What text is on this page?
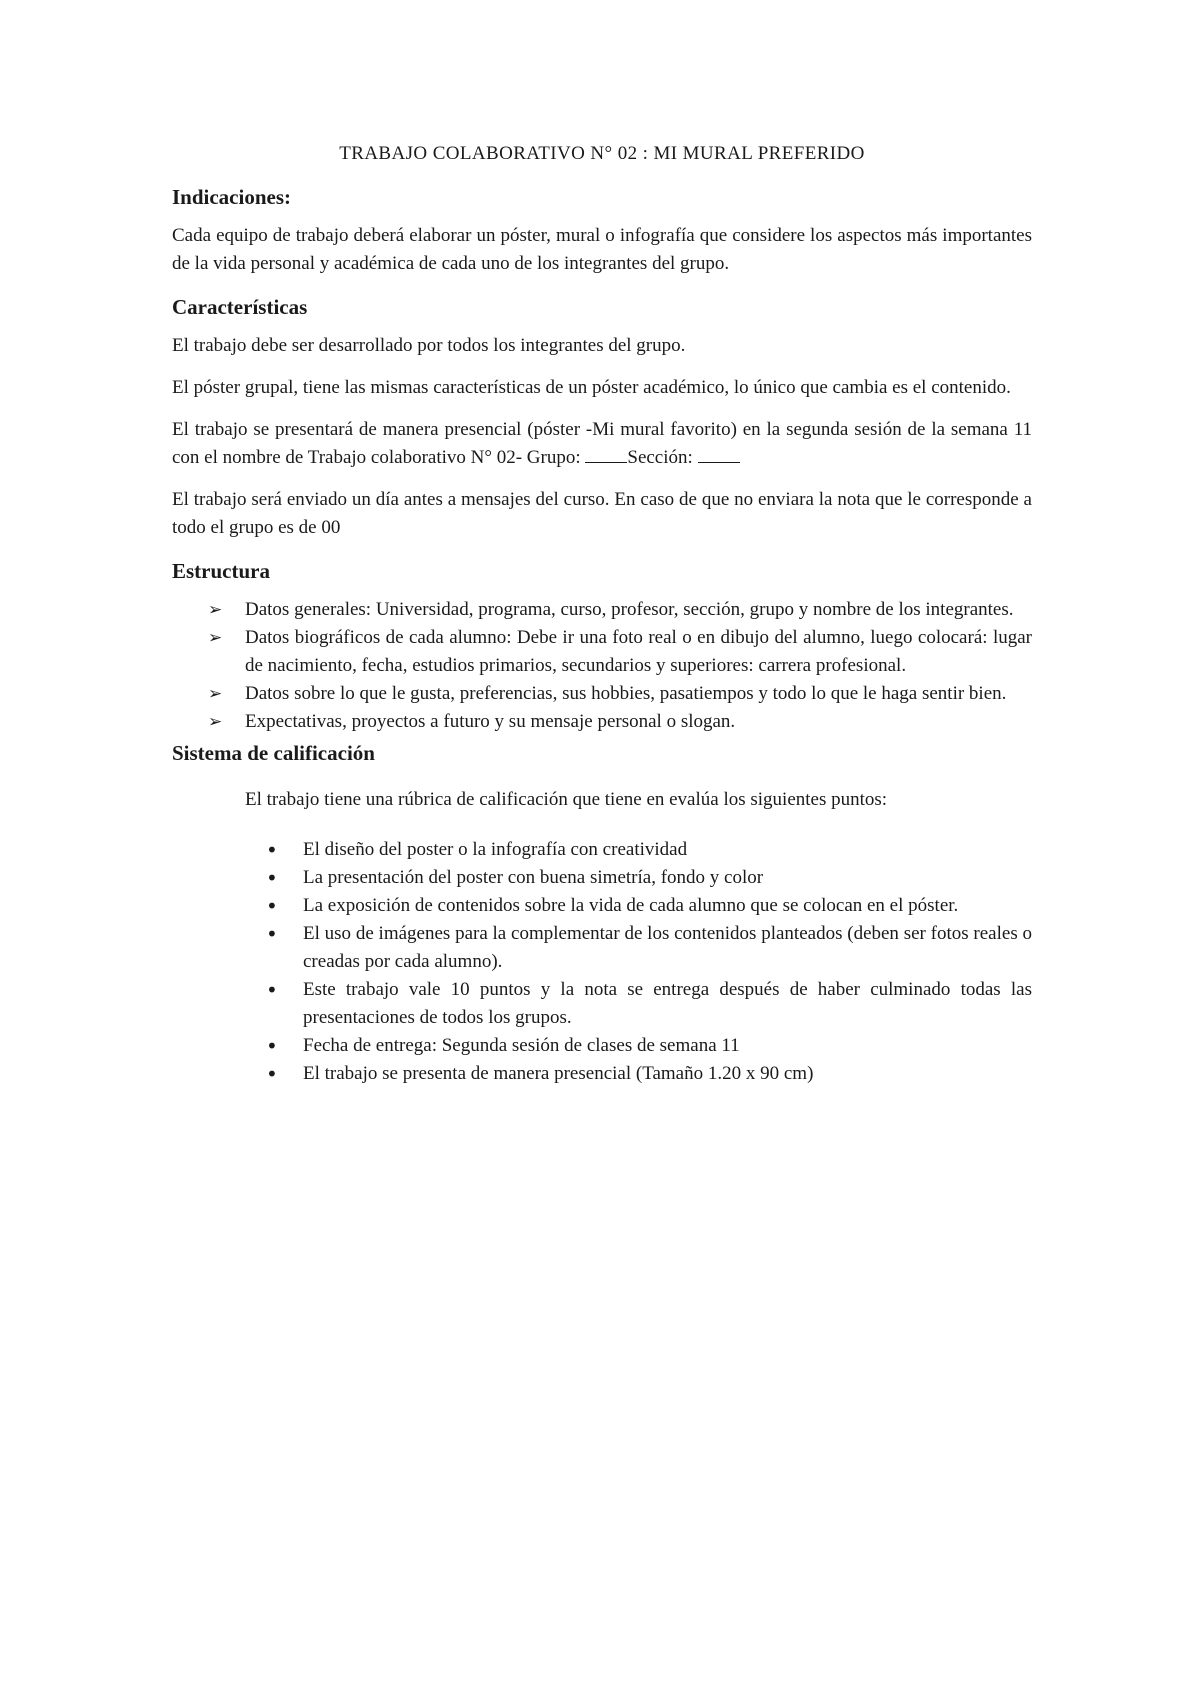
TRABAJO COLABORATIVO N° 02 : MI MURAL PREFERIDO
Indicaciones:

Cada equipo de trabajo deberá elaborar un póster, mural o infografía que considere los aspectos más importantes de la vida personal y académica de cada uno de los integrantes del grupo.

Características

El trabajo debe ser desarrollado por todos los integrantes del grupo.

El póster grupal, tiene las mismas características de un póster académico, lo único que cambia es el contenido.

El trabajo se presentará de manera presencial (póster -Mi mural favorito) en la segunda sesión de la semana 11 con el nombre de Trabajo colaborativo N° 02- Grupo: Sección:

El trabajo será enviado un día antes a mensajes del curso. En caso de que no enviara la nota que le corresponde a todo el grupo es de 00

Estructura
➢ Datos generales: Universidad, programa, curso, profesor, sección, grupo y nombre de los integrantes.
➢ Datos biográficos de cada alumno: Debe ir una foto real o en dibujo del alumno, luego colocará: lugar de nacimiento, fecha, estudios primarios, secundarios y superiores: carrera profesional.
➢ Datos sobre lo que le gusta, preferencias, sus hobbies, pasatiempos y todo lo que le haga sentir bien.
➢ Expectativas, proyectos a futuro y su mensaje personal o slogan.
Sistema de calificación

El trabajo tiene una rúbrica de calificación que tiene en evalúa los siguientes puntos:

• El diseño del poster o la infografía con creatividad
• La presentación del poster con buena simetría, fondo y color
• La exposición de contenidos sobre la vida de cada alumno que se colocan en el póster.
• El uso de imágenes para la complementar de los contenidos planteados (deben ser fotos reales o creadas por cada alumno).
• Este trabajo vale 10 puntos y la nota se entrega después de haber culminado todas las presentaciones de todos los grupos.
• Fecha de entrega: Segunda sesión de clases de semana 11
• El trabajo se presenta de manera presencial (Tamaño 1.20 x 90 cm)
